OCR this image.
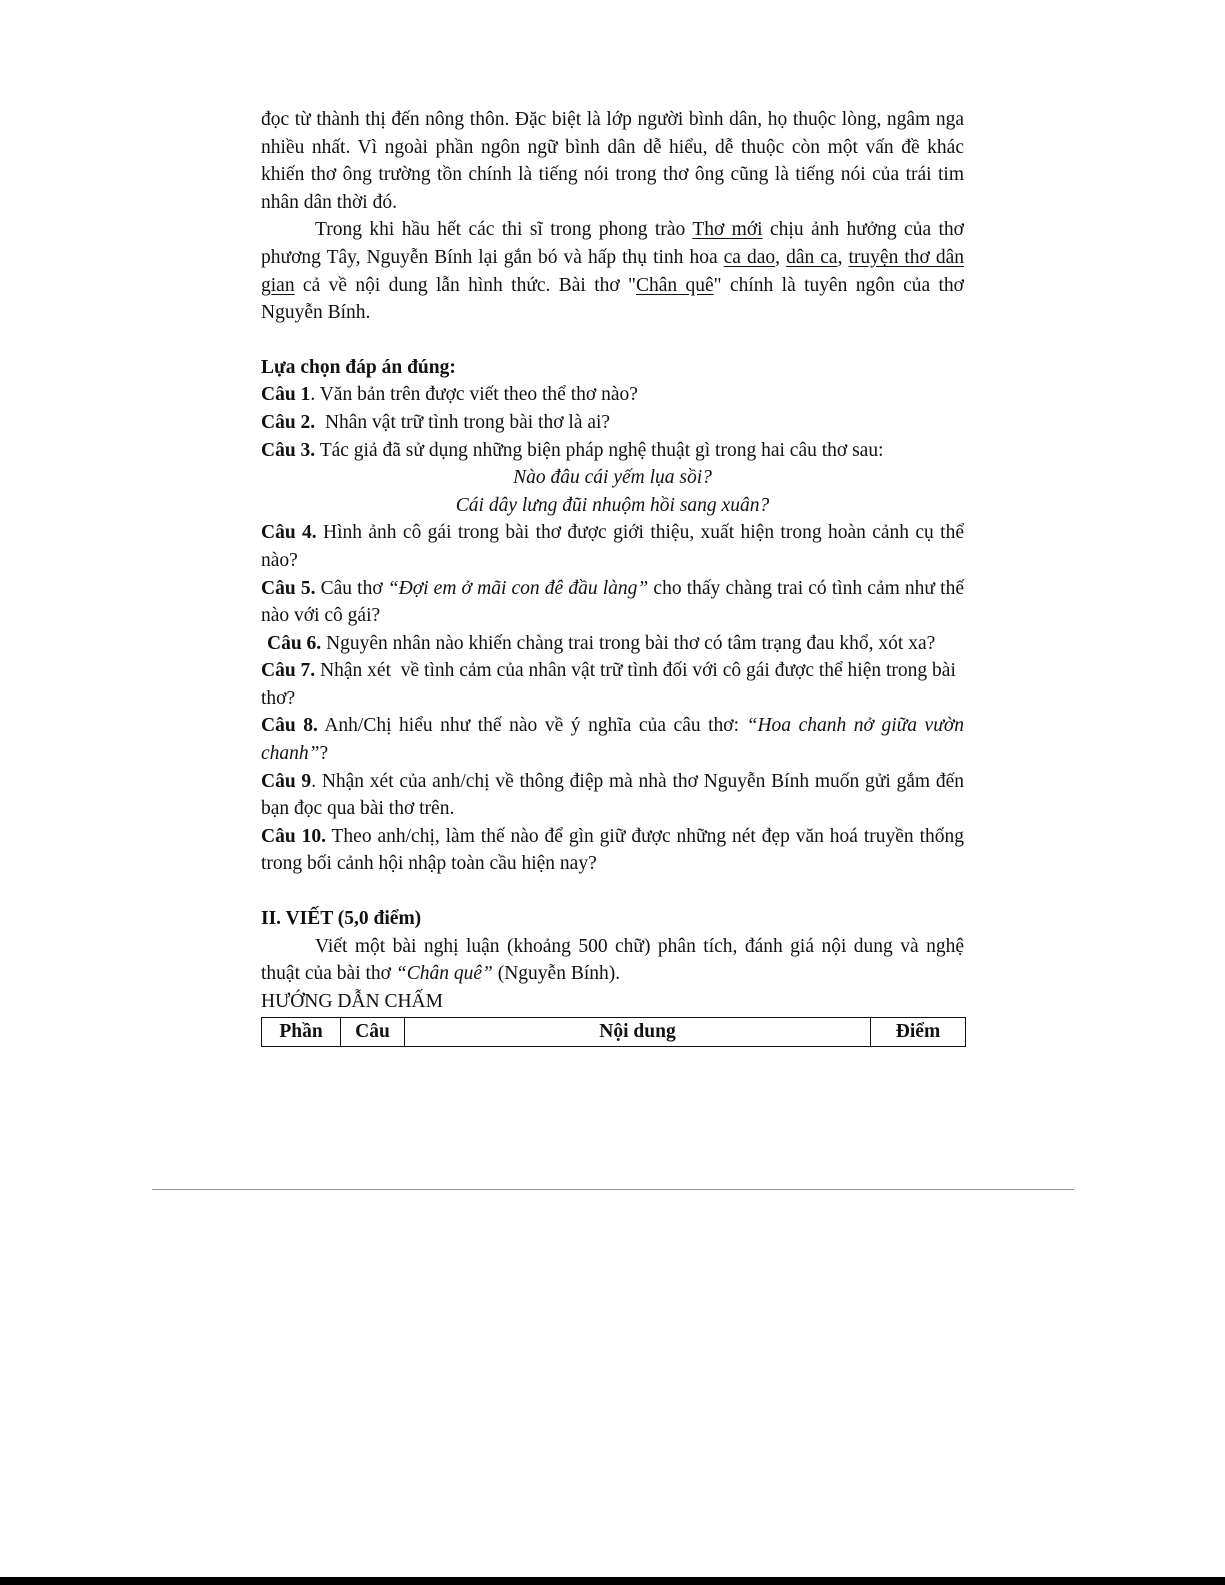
đọc từ thành thị đến nông thôn. Đặc biệt là lớp người bình dân, họ thuộc lòng, ngâm nga nhiều nhất. Vì ngoài phần ngôn ngữ bình dân dễ hiểu, dễ thuộc còn một vấn đề khác khiến thơ ông trường tồn chính là tiếng nói trong thơ ông cũng là tiếng nói của trái tim nhân dân thời đó.

Trong khi hầu hết các thi sĩ trong phong trào Thơ mới chịu ảnh hưởng của thơ phương Tây, Nguyễn Bính lại gắn bó và hấp thụ tinh hoa ca dao, dân ca, truyện thơ dân gian cả về nội dung lẫn hình thức. Bài thơ "Chân quê" chính là tuyên ngôn của thơ Nguyễn Bính.

Lựa chọn đáp án đúng:

Câu 1. Văn bản trên được viết theo thể thơ nào?

Câu 2.  Nhân vật trữ tình trong bài thơ là ai?

Câu 3. Tác giả đã sử dụng những biện pháp nghệ thuật gì trong hai câu thơ sau:

Nào đâu cái yếm lụa sồi?

Cái dây lưng đũi nhuộm hồi sang xuân?

Câu 4. Hình ảnh cô gái trong bài thơ được giới thiệu, xuất hiện trong hoàn cảnh cụ thể nào?

Câu 5. Câu thơ “Đợi em ở mãi con đê đầu làng” cho thấy chàng trai có tình cảm như thế nào với cô gái?

Câu 6. Nguyên nhân nào khiến chàng trai trong bài thơ có tâm trạng đau khổ, xót xa?

Câu 7. Nhận xét  về tình cảm của nhân vật trữ tình đối với cô gái được thể hiện trong bài thơ?

Câu 8. Anh/Chị hiểu như thế nào về ý nghĩa của câu thơ: “Hoa chanh nở giữa vườn chanh”?

Câu 9. Nhận xét của anh/chị về thông điệp mà nhà thơ Nguyễn Bính muốn gửi gắm đến bạn đọc qua bài thơ trên.

Câu 10. Theo anh/chị, làm thế nào để gìn giữ được những nét đẹp văn hoá truyền thống trong bối cảnh hội nhập toàn cầu hiện nay?

II. VIẾT (5,0 điểm)

Viết một bài nghị luận (khoảng 500 chữ) phân tích, đánh giá nội dung và nghệ thuật của bài thơ “Chân quê” (Nguyễn Bính).

HƯỚNG DẪN CHẤM

Phần	Câu	Nội dung	Điểm
